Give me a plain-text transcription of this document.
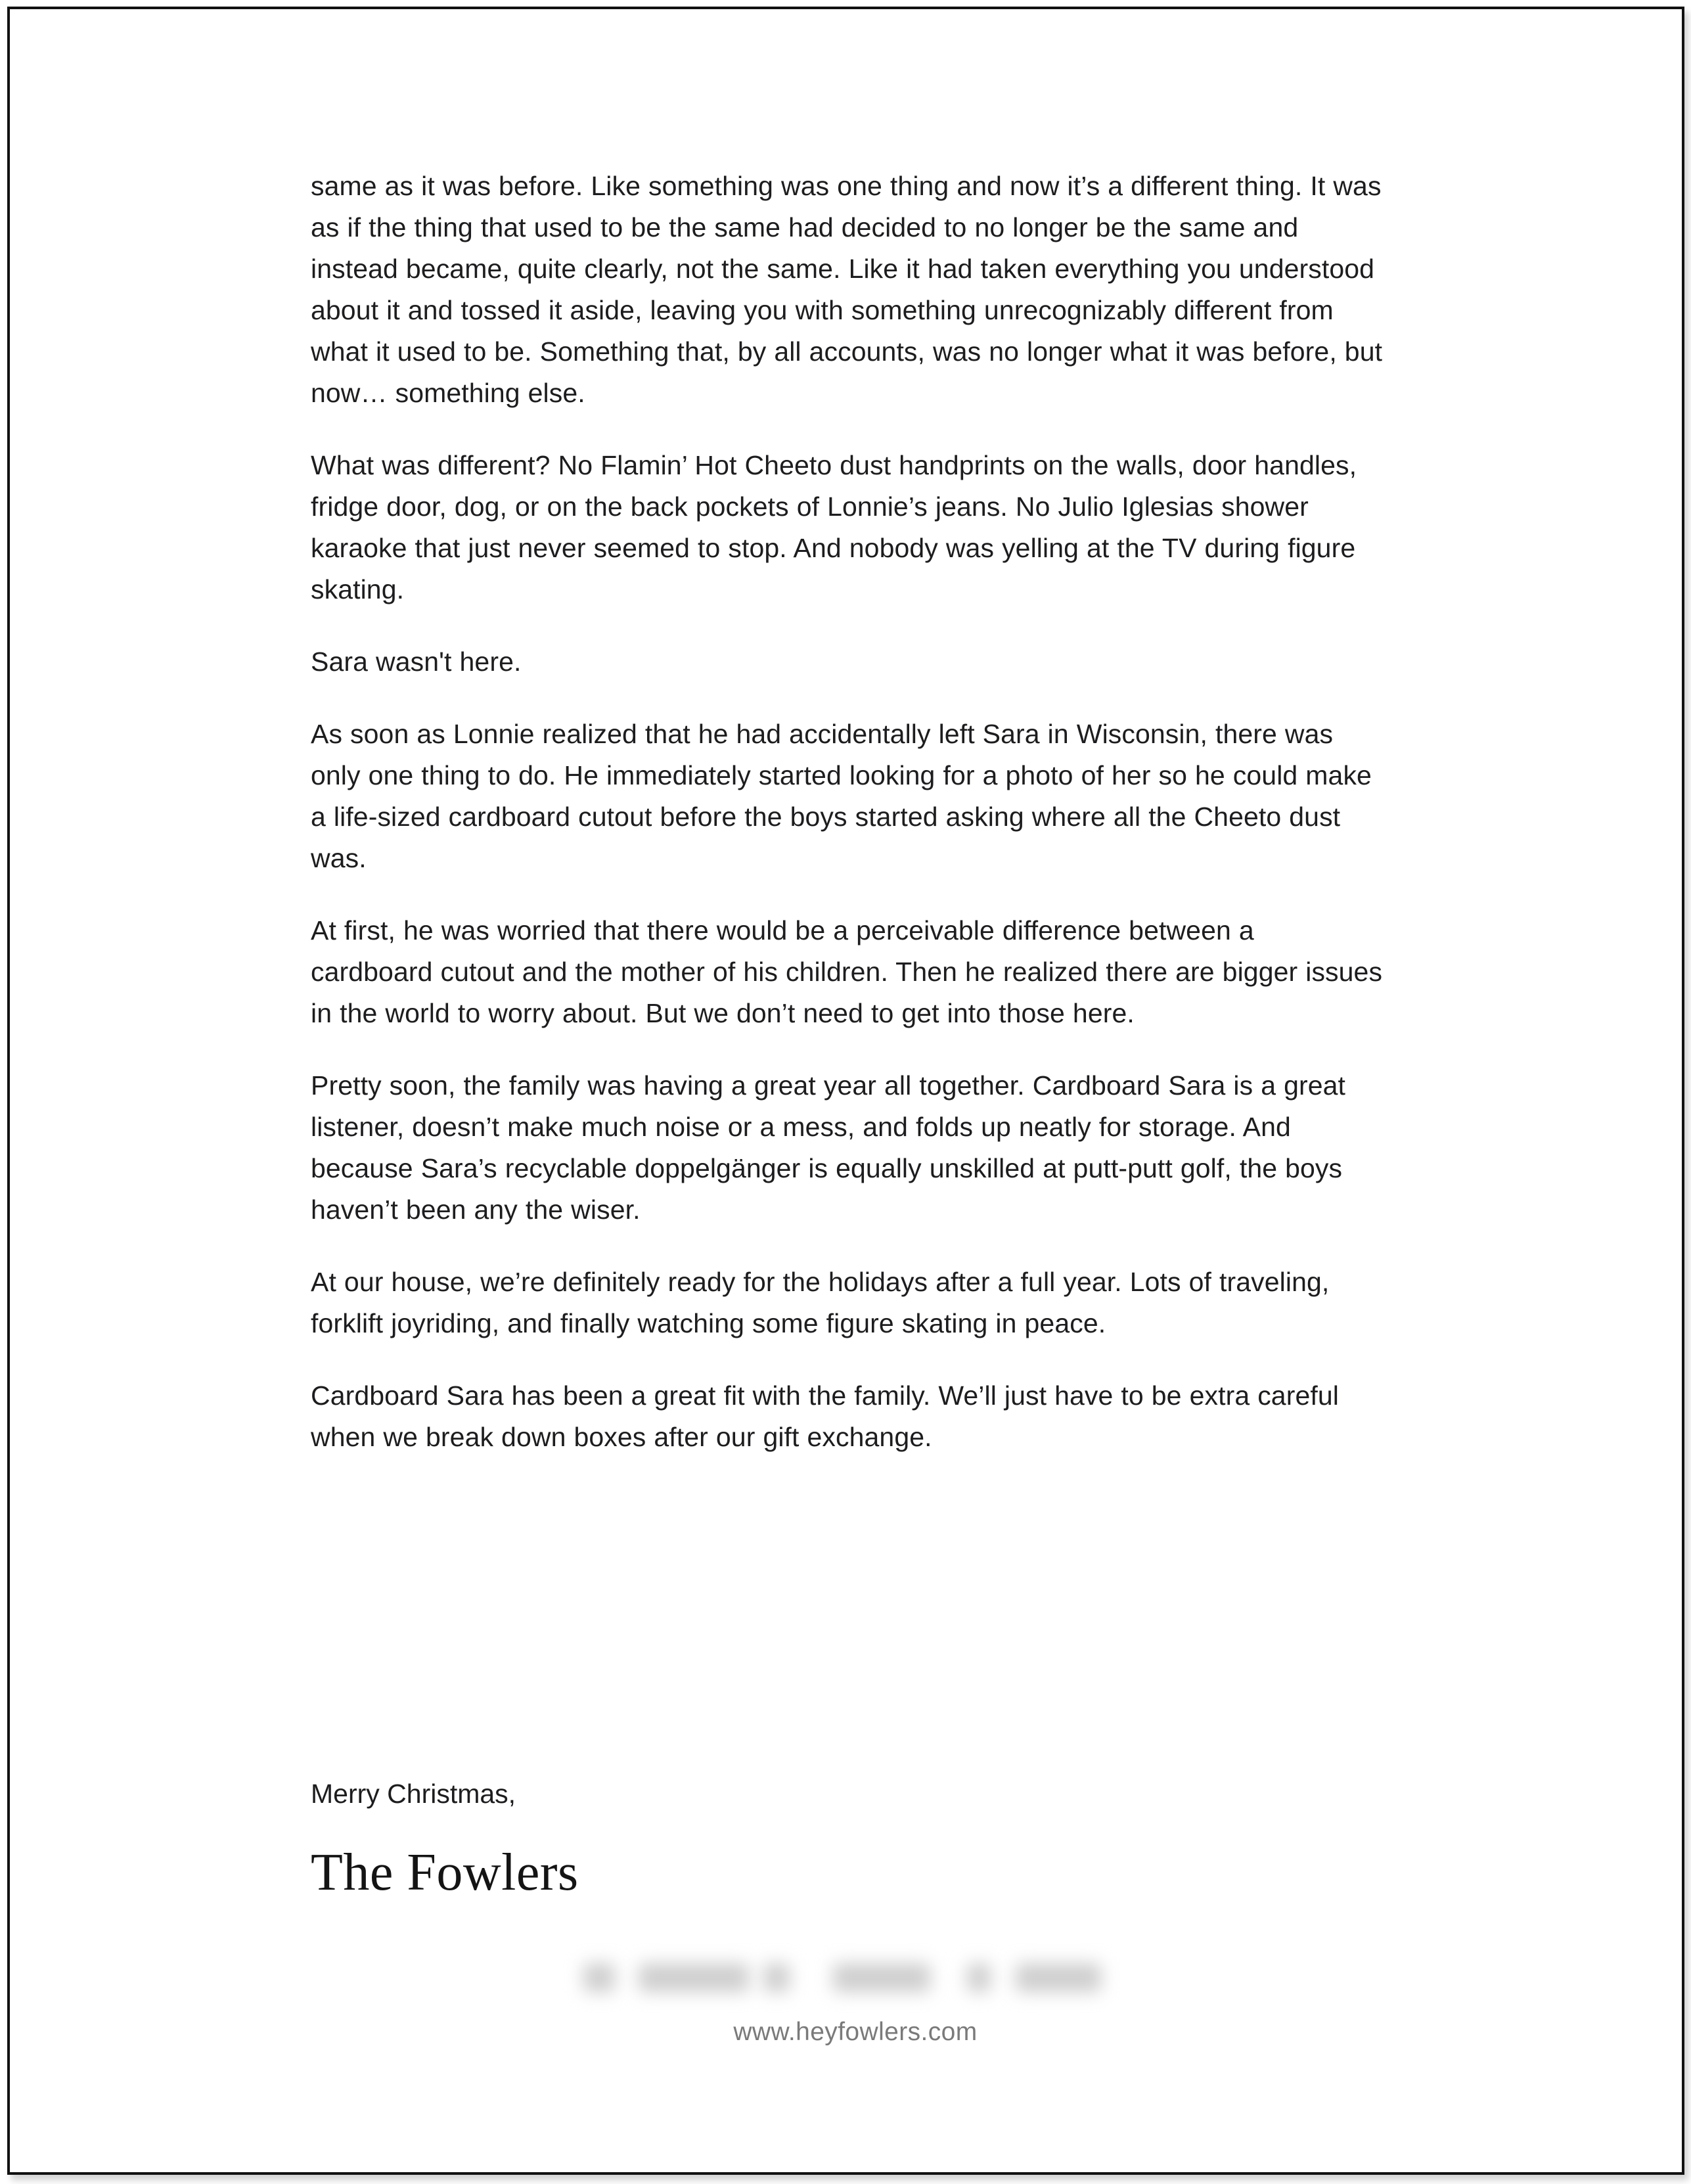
same as it was before. Like something was one thing and now it’s a different thing. It was as if the thing that used to be the same had decided to no longer be the same and instead became, quite clearly, not the same. Like it had taken everything you understood about it and tossed it aside, leaving you with something unrecognizably different from what it used to be. Something that, by all accounts, was no longer what it was before, but now… something else.

What was different? No Flamin’ Hot Cheeto dust handprints on the walls, door handles, fridge door, dog, or on the back pockets of Lonnie’s jeans. No Julio Iglesias shower karaoke that just never seemed to stop. And nobody was yelling at the TV during figure skating.

Sara wasn't here.

As soon as Lonnie realized that he had accidentally left Sara in Wisconsin, there was only one thing to do. He immediately started looking for a photo of her so he could make a life-sized cardboard cutout before the boys started asking where all the Cheeto dust was.

At first, he was worried that there would be a perceivable difference between a cardboard cutout and the mother of his children. Then he realized there are bigger issues in the world to worry about. But we don’t need to get into those here.

Pretty soon, the family was having a great year all together. Cardboard Sara is a great listener, doesn’t make much noise or a mess, and folds up neatly for storage. And because Sara’s recyclable doppelgänger is equally unskilled at putt-putt golf, the boys haven’t been any the wiser.

At our house, we’re definitely ready for the holidays after a full year. Lots of traveling, forklift joyriding, and finally watching some figure skating in peace.

Cardboard Sara has been a great fit with the family. We’ll just have to be extra careful when we break down boxes after our gift exchange.

Merry Christmas,

The Fowlers

www.heyfowlers.com
